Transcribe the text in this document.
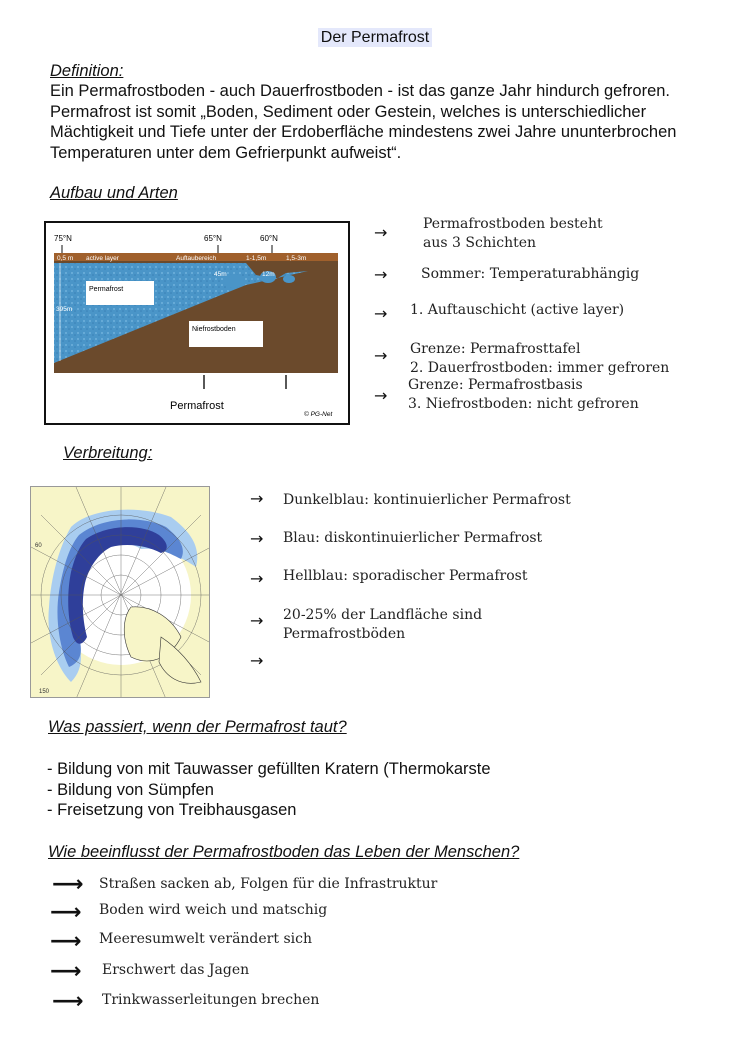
Der Permafrost
Definition:
Ein Permafrostboden - auch Dauerfrostboden - ist das ganze Jahr hindurch gefroren.
Permafrost ist somit „Boden, Sediment oder Gestein, welches is unterschiedlicher
Mächtigkeit und Tiefe unter der Erdoberfläche mindestens zwei Jahre ununterbrochen
Temperaturen unter dem Gefrierpunkt aufweist“.
Aufbau und Arten
75°N	65°N	60°N
0,5 m active layer	Auftaubereich	1-1,5m	1,5-3m
45m	12m
395m
Permafrost
Niefrostboden
Permafrost
© PG-Net
→	Permafrostboden besteht
aus 3 Schichten
→ Sommer: Temperaturabhängig
→ 1. Auftauschicht (active layer)
→ Grenze: Permafrosttafel
2. Dauerfrostboden: immer gefroren
→
Grenze: Permafrostbasis
3. Niefrostboden: nicht gefroren
Verbreitung:
60
150
→ Dunkelblau: kontinuierlicher Permafrost
→ Blau: diskontinuierlicher Permafrost
→ Hellblau: sporadischer Permafrost
→ 20-25% der Landfläche sind
Permafrostböden
→
Was passiert, wenn der Permafrost taut?
- Bildung von mit Tauwasser gefüllten Kratern (Thermokarste
- Bildung von Sümpfen
- Freisetzung von Treibhausgasen
Wie beeinflusst der Permafrostboden das Leben der Menschen?
⟶ Straßen sacken ab, Folgen für die Infrastruktur
⟶ Boden wird weich und matschig
⟶ Meeresumwelt verändert sich
⟶ Erschwert das Jagen
⟶ Trinkwasserleitungen brechen
